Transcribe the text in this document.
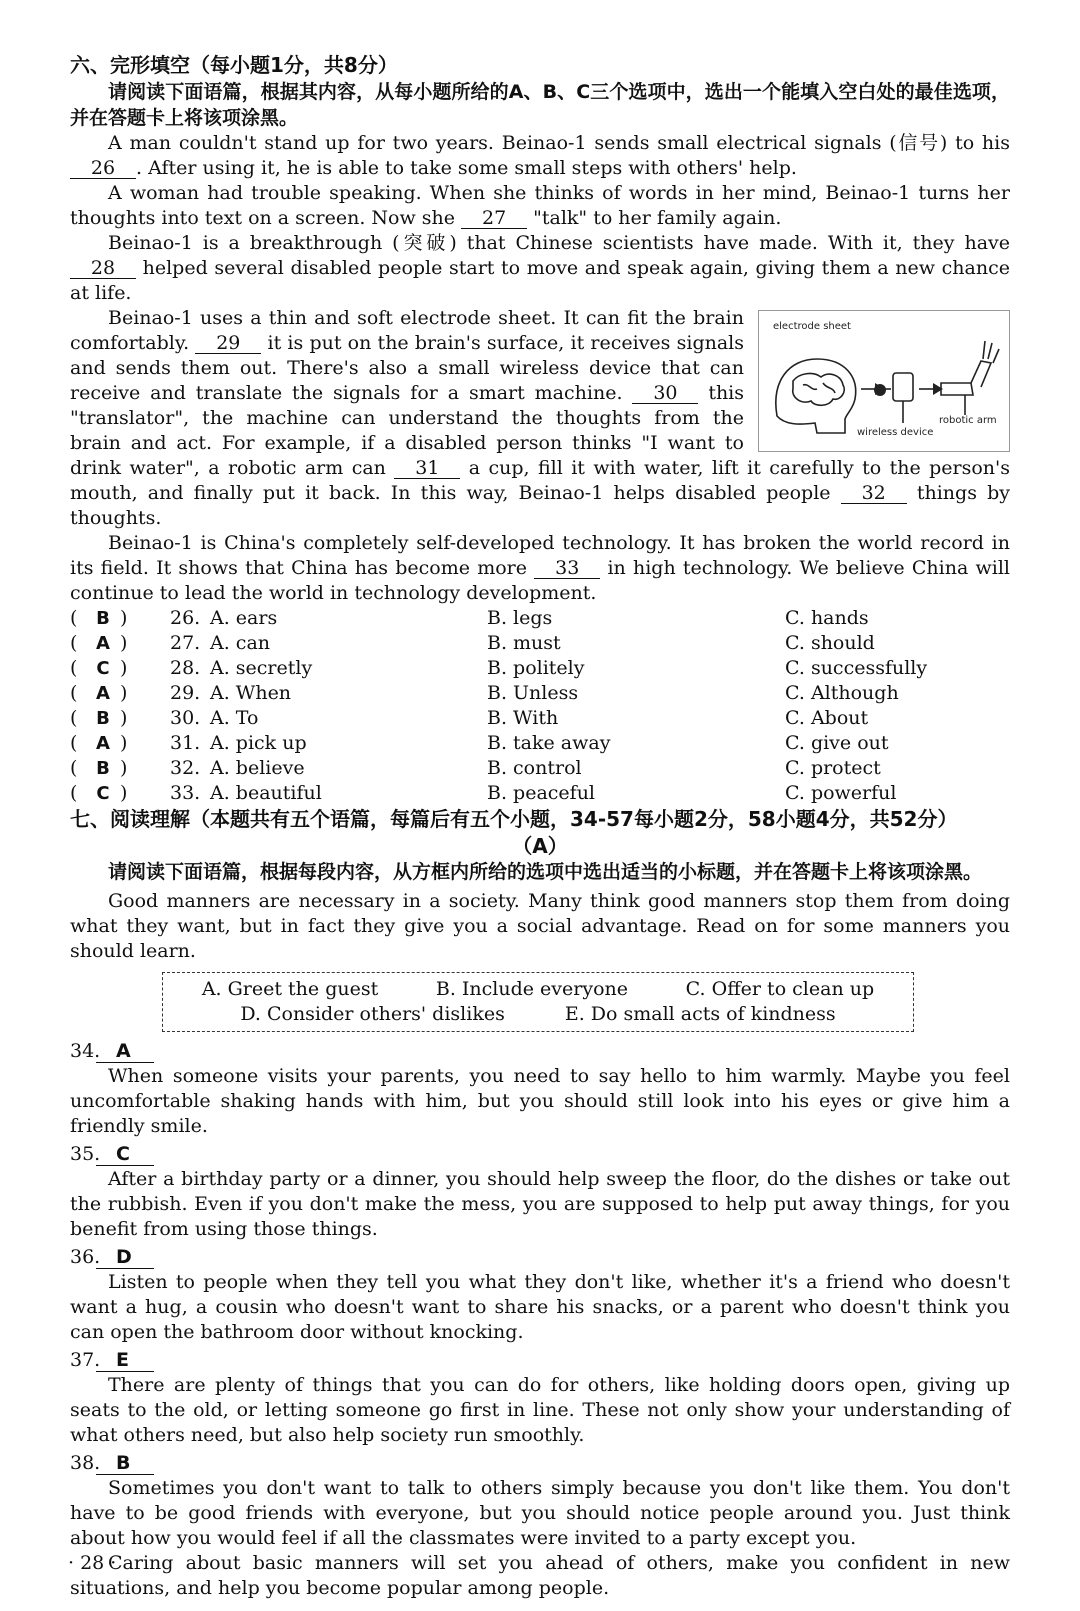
六、完形填空（每小题1分，共8分）

请阅读下面语篇，根据其内容，从每小题所给的A、B、C三个选项中，选出一个能填入空白处的最佳选项，并在答题卡上将该项涂黑。

A man couldn't stand up for two years. Beinao-1 sends small electrical signals (信号) to his 26 . After using it, he is able to take some small steps with others' help.

A woman had trouble speaking. When she thinks of words in her mind, Beinao-1 turns her thoughts into text on a screen. Now she 27 "talk" to her family again.

Beinao-1 is a breakthrough (突破) that Chinese scientists have made. With it, they have 28 helped several disabled people start to move and speak again, giving them a new chance at life.

electrode sheet
wireless device
robotic arm

Beinao-1 uses a thin and soft electrode sheet. It can fit the brain comfortably. 29 it is put on the brain's surface, it receives signals and sends them out. There's also a small wireless device that can receive and translate the signals for a smart machine. 30 this "translator", the machine can understand the thoughts from the brain and act. For example, if a disabled person thinks "I want to drink water", a robotic arm can 31 a cup, fill it with water, lift it carefully to the person's mouth, and finally put it back. In this way, Beinao-1 helps disabled people 32 things by thoughts.

Beinao-1 is China's completely self-developed technology. It has broken the world record in its field. It shows that China has become more 33 in high technology. We believe China will continue to lead the world in technology development.

(	B ) 26. A. ears	B. legs	C. hands
(	A ) 27. A. can	B. must	C. should
(	C ) 28. A. secretly	B. politely	C. successfully
(	A ) 29. A. When	B. Unless	C. Although
(	B ) 30. A. To	B. With	C. About
(	A ) 31. A. pick up	B. take away	C. give out
(	B ) 32. A. believe	B. control	C. protect
(	C ) 33. A. beautiful	B. peaceful	C. powerful
七、阅读理解（本题共有五个语篇，每篇后有五个小题，34-57每小题2分，58小题4分，共52分）
（A）

请阅读下面语篇，根据每段内容，从方框内所给的选项中选出适当的小标题，并在答题卡上将该项涂黑。

Good manners are necessary in a society. Many think good manners stop them from doing what they want, but in fact they give you a social advantage. Read on for some manners you should learn.

A. Greet the guest	B. Include everyone	C. Offer to clean up
D. Consider others' dislikes	E. Do small acts of kindness
34. A

When someone visits your parents, you need to say hello to him warmly. Maybe you feel uncomfortable shaking hands with him, but you should still look into his eyes or give him a friendly smile.

35. C

After a birthday party or a dinner, you should help sweep the floor, do the dishes or take out the rubbish. Even if you don't make the mess, you are supposed to help put away things, for you benefit from using those things.

36. D

Listen to people when they tell you what they don't like, whether it's a friend who doesn't want a hug, a cousin who doesn't want to share his snacks, or a parent who doesn't think you can open the bathroom door without knocking.

37. E

There are plenty of things that you can do for others, like holding doors open, giving up seats to the old, or letting someone go first in line. These not only show your understanding of what others need, but also help society run smoothly.

38. B

Sometimes you don't want to talk to others simply because you don't like them. You don't have to be good friends with everyone, but you should notice people around you. Just think about how you would feel if all the classmates were invited to a party except you.

Caring about basic manners will set you ahead of others, make you confident in new situations, and help you become popular among people.

· 28 ·
